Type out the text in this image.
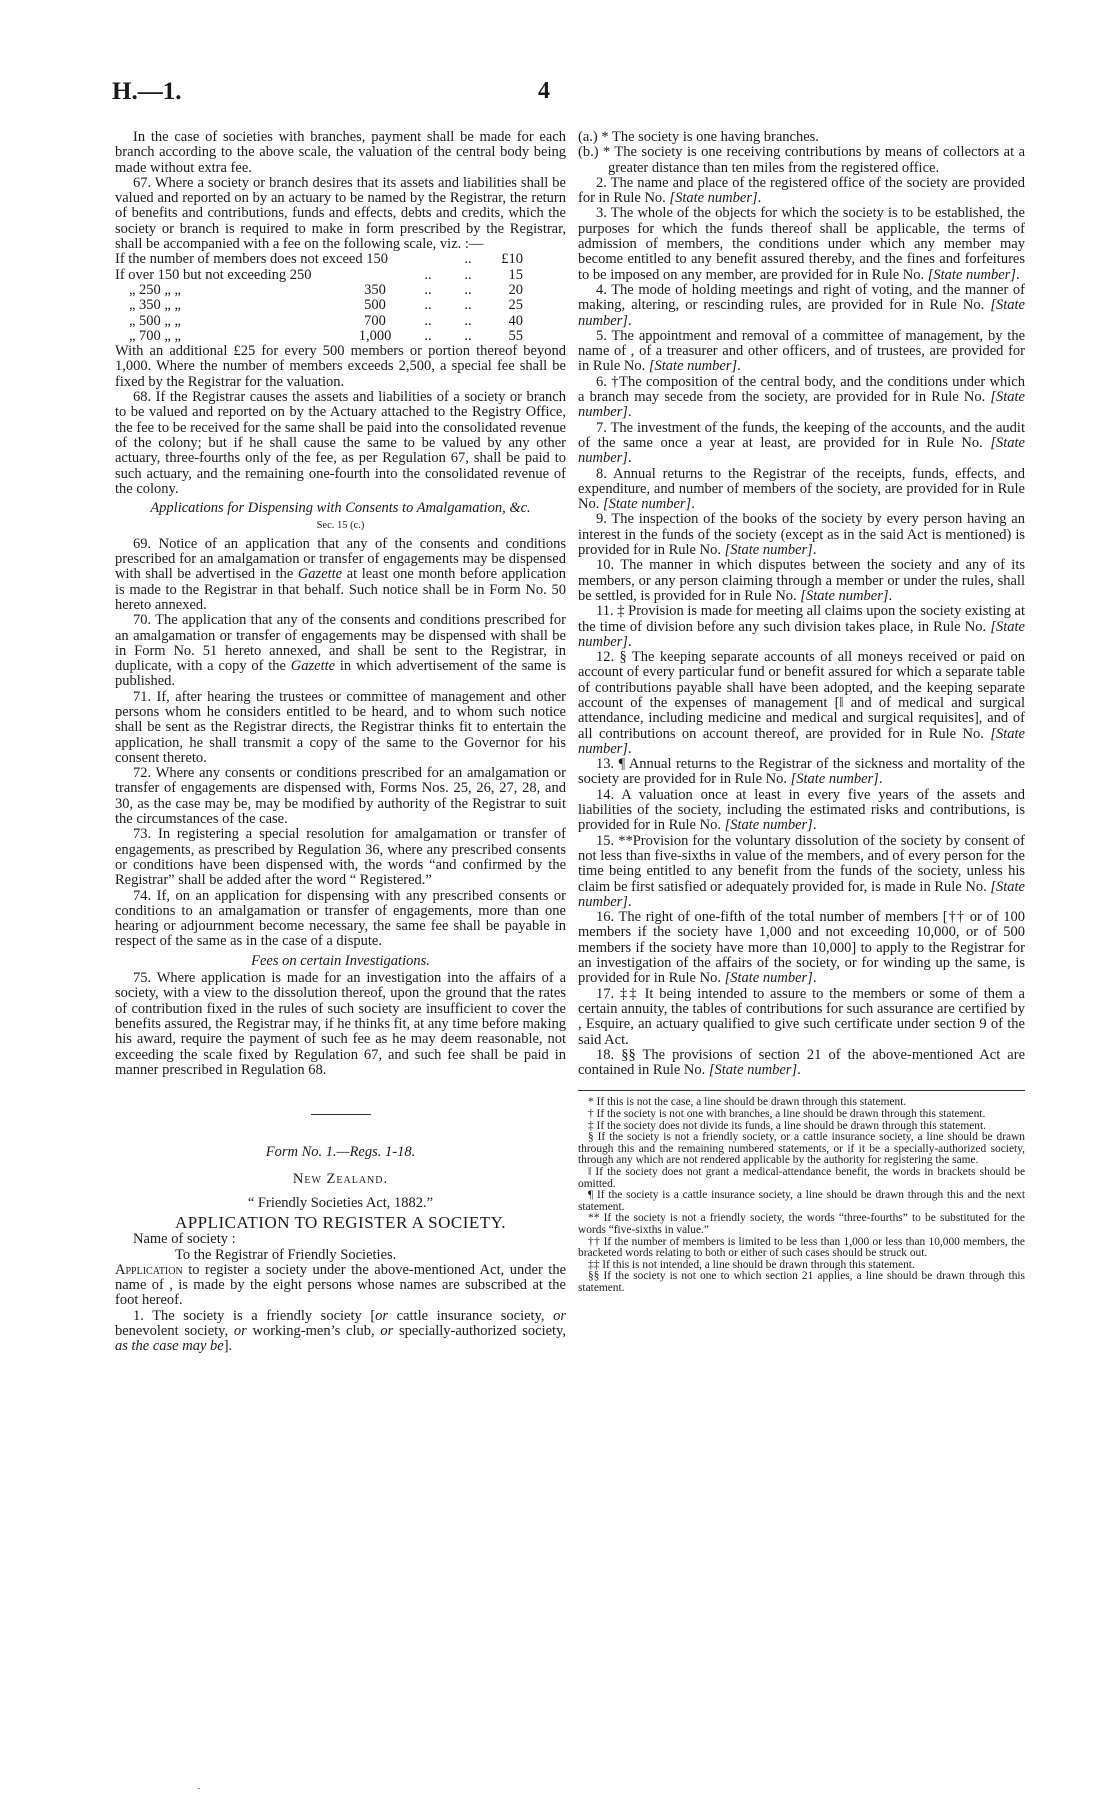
H.—1.	4

In the case of societies with branches, payment shall be made for each branch according to the above scale, the valuation of the central body being made without extra fee.

67. Where a society or branch desires that its assets and liabilities shall be valued and reported on by an actuary to be named by the Registrar, the return of benefits and contributions, funds and effects, debts and credits, which the society or branch is required to make in form prescribed by the Registrar, shall be accompanied with a fee on the following scale, viz. :—

If the number of members does not exceed 150			..	£10
If over 150 but not exceeding 250		..	..	15
„ 250 „ „	350	..	..	20
„ 350 „ „	500	..	..	25
„ 500 „ „	700	..	..	40
„ 700 „ „	1,000	..	..	55

With an additional £25 for every 500 members or portion thereof beyond 1,000. Where the number of members exceeds 2,500, a special fee shall be fixed by the Registrar for the valuation.

68. If the Registrar causes the assets and liabilities of a society or branch to be valued and reported on by the Actuary attached to the Registry Office, the fee to be received for the same shall be paid into the consolidated revenue of the colony; but if he shall cause the same to be valued by any other actuary, three-fourths only of the fee, as per Regulation 67, shall be paid to such actuary, and the remaining one-fourth into the consolidated revenue of the colony.

Applications for Dispensing with Consents to Amalgamation, &c.

Sec. 15 (c.)

69. Notice of an application that any of the consents and conditions prescribed for an amalgamation or transfer of engagements may be dispensed with shall be advertised in the Gazette at least one month before application is made to the Registrar in that behalf. Such notice shall be in Form No. 50 hereto annexed.

70. The application that any of the consents and conditions prescribed for an amalgamation or transfer of engagements may be dispensed with shall be in Form No. 51 hereto annexed, and shall be sent to the Registrar, in duplicate, with a copy of the Gazette in which advertisement of the same is published.

71. If, after hearing the trustees or committee of management and other persons whom he considers entitled to be heard, and to whom such notice shall be sent as the Registrar directs, the Registrar thinks fit to entertain the application, he shall transmit a copy of the same to the Governor for his consent thereto.

72. Where any consents or conditions prescribed for an amalgamation or transfer of engagements are dispensed with, Forms Nos. 25, 26, 27, 28, and 30, as the case may be, may be modified by authority of the Registrar to suit the circumstances of the case.

73. In registering a special resolution for amalgamation or transfer of engagements, as prescribed by Regulation 36, where any prescribed consents or conditions have been dispensed with, the words “and confirmed by the Registrar” shall be added after the word “ Registered.”

74. If, on an application for dispensing with any prescribed consents or conditions to an amalgamation or transfer of engagements, more than one hearing or adjournment become necessary, the same fee shall be payable in respect of the same as in the case of a dispute.

Fees on certain Investigations.

75. Where application is made for an investigation into the affairs of a society, with a view to the dissolution thereof, upon the ground that the rates of contribution fixed in the rules of such society are insufficient to cover the benefits assured, the Registrar may, if he thinks fit, at any time before making his award, require the payment of such fee as he may deem reasonable, not exceeding the scale fixed by Regulation 67, and such fee shall be paid in manner prescribed in Regulation 68.

Form No. 1.—Regs. 1-18.

New Zealand.

“ Friendly Societies Act, 1882.”

APPLICATION TO REGISTER A SOCIETY.

Name of society :

To the Registrar of Friendly Societies.

Application to register a society under the above-mentioned Act, under the name of , is made by the eight persons whose names are subscribed at the foot hereof.

1. The society is a friendly society [or cattle insurance society, or benevolent society, or working-men’s club, or specially-authorized society, as the case may be].

(a.) * The society is one having branches.

(b.) * The society is one receiving contributions by means of collectors at a greater distance than ten miles from the registered office.

2. The name and place of the registered office of the society are provided for in Rule No. [State number].

3. The whole of the objects for which the society is to be established, the purposes for which the funds thereof shall be applicable, the terms of admission of members, the conditions under which any member may become entitled to any benefit assured thereby, and the fines and forfeitures to be imposed on any member, are provided for in Rule No. [State number].

4. The mode of holding meetings and right of voting, and the manner of making, altering, or rescinding rules, are provided for in Rule No. [State number].

5. The appointment and removal of a committee of management, by the name of , of a treasurer and other officers, and of trustees, are provided for in Rule No. [State number].

6. †The composition of the central body, and the conditions under which a branch may secede from the society, are provided for in Rule No. [State number].

7. The investment of the funds, the keeping of the accounts, and the audit of the same once a year at least, are provided for in Rule No. [State number].

8. Annual returns to the Registrar of the receipts, funds, effects, and expenditure, and number of members of the society, are provided for in Rule No. [State number].

9. The inspection of the books of the society by every person having an interest in the funds of the society (except as in the said Act is mentioned) is provided for in Rule No. [State number].

10. The manner in which disputes between the society and any of its members, or any person claiming through a member or under the rules, shall be settled, is provided for in Rule No. [State number].

11. ‡ Provision is made for meeting all claims upon the society existing at the time of division before any such division takes place, in Rule No. [State number].

12. § The keeping separate accounts of all moneys received or paid on account of every particular fund or benefit assured for which a separate table of contributions payable shall have been adopted, and the keeping separate account of the expenses of management [‖ and of medical and surgical attendance, including medicine and medical and surgical requisites], and of all contributions on account thereof, are provided for in Rule No. [State number].

13. ¶ Annual returns to the Registrar of the sickness and mortality of the society are provided for in Rule No. [State number].

14. A valuation once at least in every five years of the assets and liabilities of the society, including the estimated risks and contributions, is provided for in Rule No. [State number].

15. **Provision for the voluntary dissolution of the society by consent of not less than five-sixths in value of the members, and of every person for the time being entitled to any benefit from the funds of the society, unless his claim be first satisfied or adequately provided for, is made in Rule No. [State number].

16. The right of one-fifth of the total number of members [†† or of 100 members if the society have 1,000 and not exceeding 10,000, or of 500 members if the society have more than 10,000] to apply to the Registrar for an investigation of the affairs of the society, or for winding up the same, is provided for in Rule No. [State number].

17. ‡‡ It being intended to assure to the members or some of them a certain annuity, the tables of contributions for such assurance are certified by , Esquire, an actuary qualified to give such certificate under section 9 of the said Act.

18. §§ The provisions of section 21 of the above-mentioned Act are contained in Rule No. [State number].

* If this is not the case, a line should be drawn through this statement.

† If the society is not one with branches, a line should be drawn through this statement.

‡ If the society does not divide its funds, a line should be drawn through this statement.

§ If the society is not a friendly society, or a cattle insurance society, a line should be drawn through this and the remaining numbered statements, or if it be a specially-authorized society, through any which are not rendered applicable by the authority for registering the same.

‖ If the society does not grant a medical-attendance benefit, the words in brackets should be omitted.

¶ If the society is a cattle insurance society, a line should be drawn through this and the next statement.

** If the society is not a friendly society, the words “three-fourths” to be substituted for the words “five-sixths in value.”

†† If the number of members is limited to be less than 1,000 or less than 10,000 members, the bracketed words relating to both or either of such cases should be struck out.

‡‡ If this is not intended, a line should be drawn through this statement.

§§ If the society is not one to which section 21 applies, a line should be drawn through this statement.

-
